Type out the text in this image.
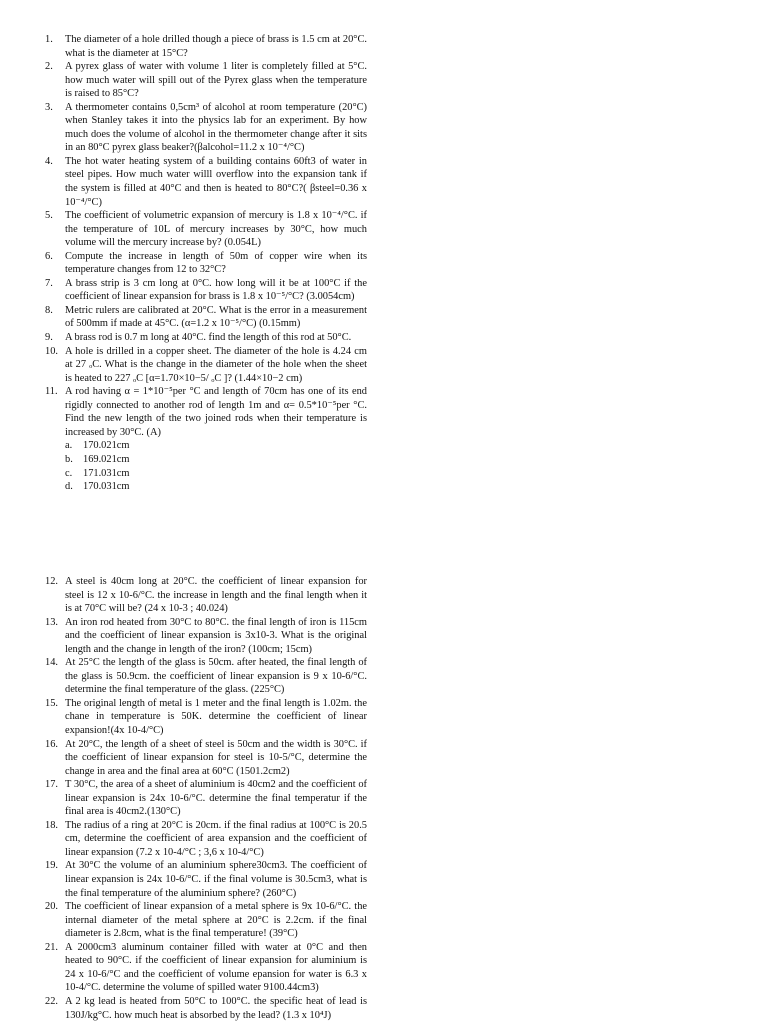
1.	The diameter of a hole drilled though a piece of brass is 1.5 cm at 20°C. what is the diameter at 15°C?
2.	A pyrex glass of water with volume 1 liter is completely filled at 5°C. how much water will spill out of the Pyrex glass when the temperature is raised to 85°C?
3.	A thermometer contains 0,5cm³ of alcohol at room temperature (20°C) when Stanley takes it into the physics lab for an experiment. By how much does the volume of alcohol in the thermometer change after it sits in an 80°C pyrex glass beaker?(βalcohol=11.2 x 10⁻⁴/°C)
4.	The hot water heating system of a building contains 60ft3 of water in steel pipes. How much water willl overflow into the expansion tank if the system is filled at 40°C and then is heated to 80°C?( βsteel=0.36 x 10⁻⁴/°C)
5.	The coefficient of volumetric expansion of mercury is 1.8 x 10⁻⁴/°C. if the temperature of 10L of mercury increases by 30°C, how much volume will the mercury increase by? (0.054L)
6.	Compute the increase in length of 50m of copper wire when its temperature changes from 12 to 32°C?
7.	A brass strip is 3 cm long at 0°C. how long will it be at 100°C if the coefficient of linear expansion for brass is 1.8 x 10⁻⁵/°C? (3.0054cm)
8.	Metric rulers are calibrated at 20°C. What is the error in a measurement of 500mm if made at 45°C. (α=1.2 x 10⁻⁵/°C) (0.15mm)
9.	A brass rod is 0.7 m long at 40°C. find the length of this rod at 50°C.
10. A hole is drilled in a copper sheet. The diameter of the hole is 4.24 cm at 27 ₒC. What is the change in the diameter of the hole when the sheet is heated to 227 ₒC [α=1.70×10−5/ ₒC ]? (1.44×10−2 cm)
11. A rod having α = 1*10⁻⁵per °C and length of 70cm has one of its end rigidly connected to another rod of length 1m and α= 0.5*10⁻⁵per °C. Find the new length of the two joined rods when their temperature is increased by 30°C. (A)
a.	170.021cm
b. 169.021cm
c.	171.031cm
d. 170.031cm
12. A steel is 40cm long at 20°C. the coefficient of linear expansion for steel is 12 x 10-6/°C. the increase in length and the final length when it is at 70°C will be? (24 x 10-3 ; 40.024)
13. An iron rod heated from 30°C to 80°C. the final length of iron is 115cm and the coefficient of linear expansion is 3x10-3. What is the original length and the change in length of the iron? (100cm; 15cm)
14. At 25°C the length of the glass is 50cm. after heated, the final length of the glass is 50.9cm. the coefficient of linear expansion is 9 x 10-6/°C. determine the final temperature of the glass. (225°C)
15. The original length of metal is 1 meter and the final length is 1.02m. the chane in temperature is 50K. determine the coefficient of linear expansion!(4x 10-4/°C)
16. At 20°C, the length of a sheet of steel is 50cm and the width is 30°C. if the coefficient of linear expansion for steel is 10-5/°C, determine the change in area and the final area at 60°C (1501.2cm2)
17. T 30°C, the area of a sheet of aluminium is 40cm2 and the coefficient of linear expansion is 24x 10-6/°C. determine the final temperatur if the final area is 40cm2.(130°C)
18. The radius of a ring at 20°C is 20cm. if the final radius at 100°C is 20.5 cm, determine the coefficient of area expansion and the coefficient of linear expansion (7.2 x 10-4/°C ; 3,6 x 10-4/°C)
19. At 30°C the volume of an aluminium sphere30cm3. The coefficient of linear expansion is 24x 10-6/°C. if the final volume is 30.5cm3, what is the final temperature of the aluminium sphere? (260°C)
20. The coefficient of linear expansion of a metal sphere is 9x 10-6/°C. the internal diameter of the metal sphere at 20°C is 2.2cm. if the final diameter is 2.8cm, what is the final temperature! (39°C)
21. A 2000cm3 aluminum container filled with water at 0°C and then heated to 90°C. if the coefficient of linear expansion for aluminium is 24 x 10-6/°C and the coefficient of volume epansion for water is 6.3 x 10-4/°C. determine the volume of spilled water 9100.44cm3)
22. A 2 kg lead is heated from 50°C to 100°C. the specific heat of lead is 130J/kg°C. how much heat is absorbed by the lead? (1.3 x 10⁴J)
